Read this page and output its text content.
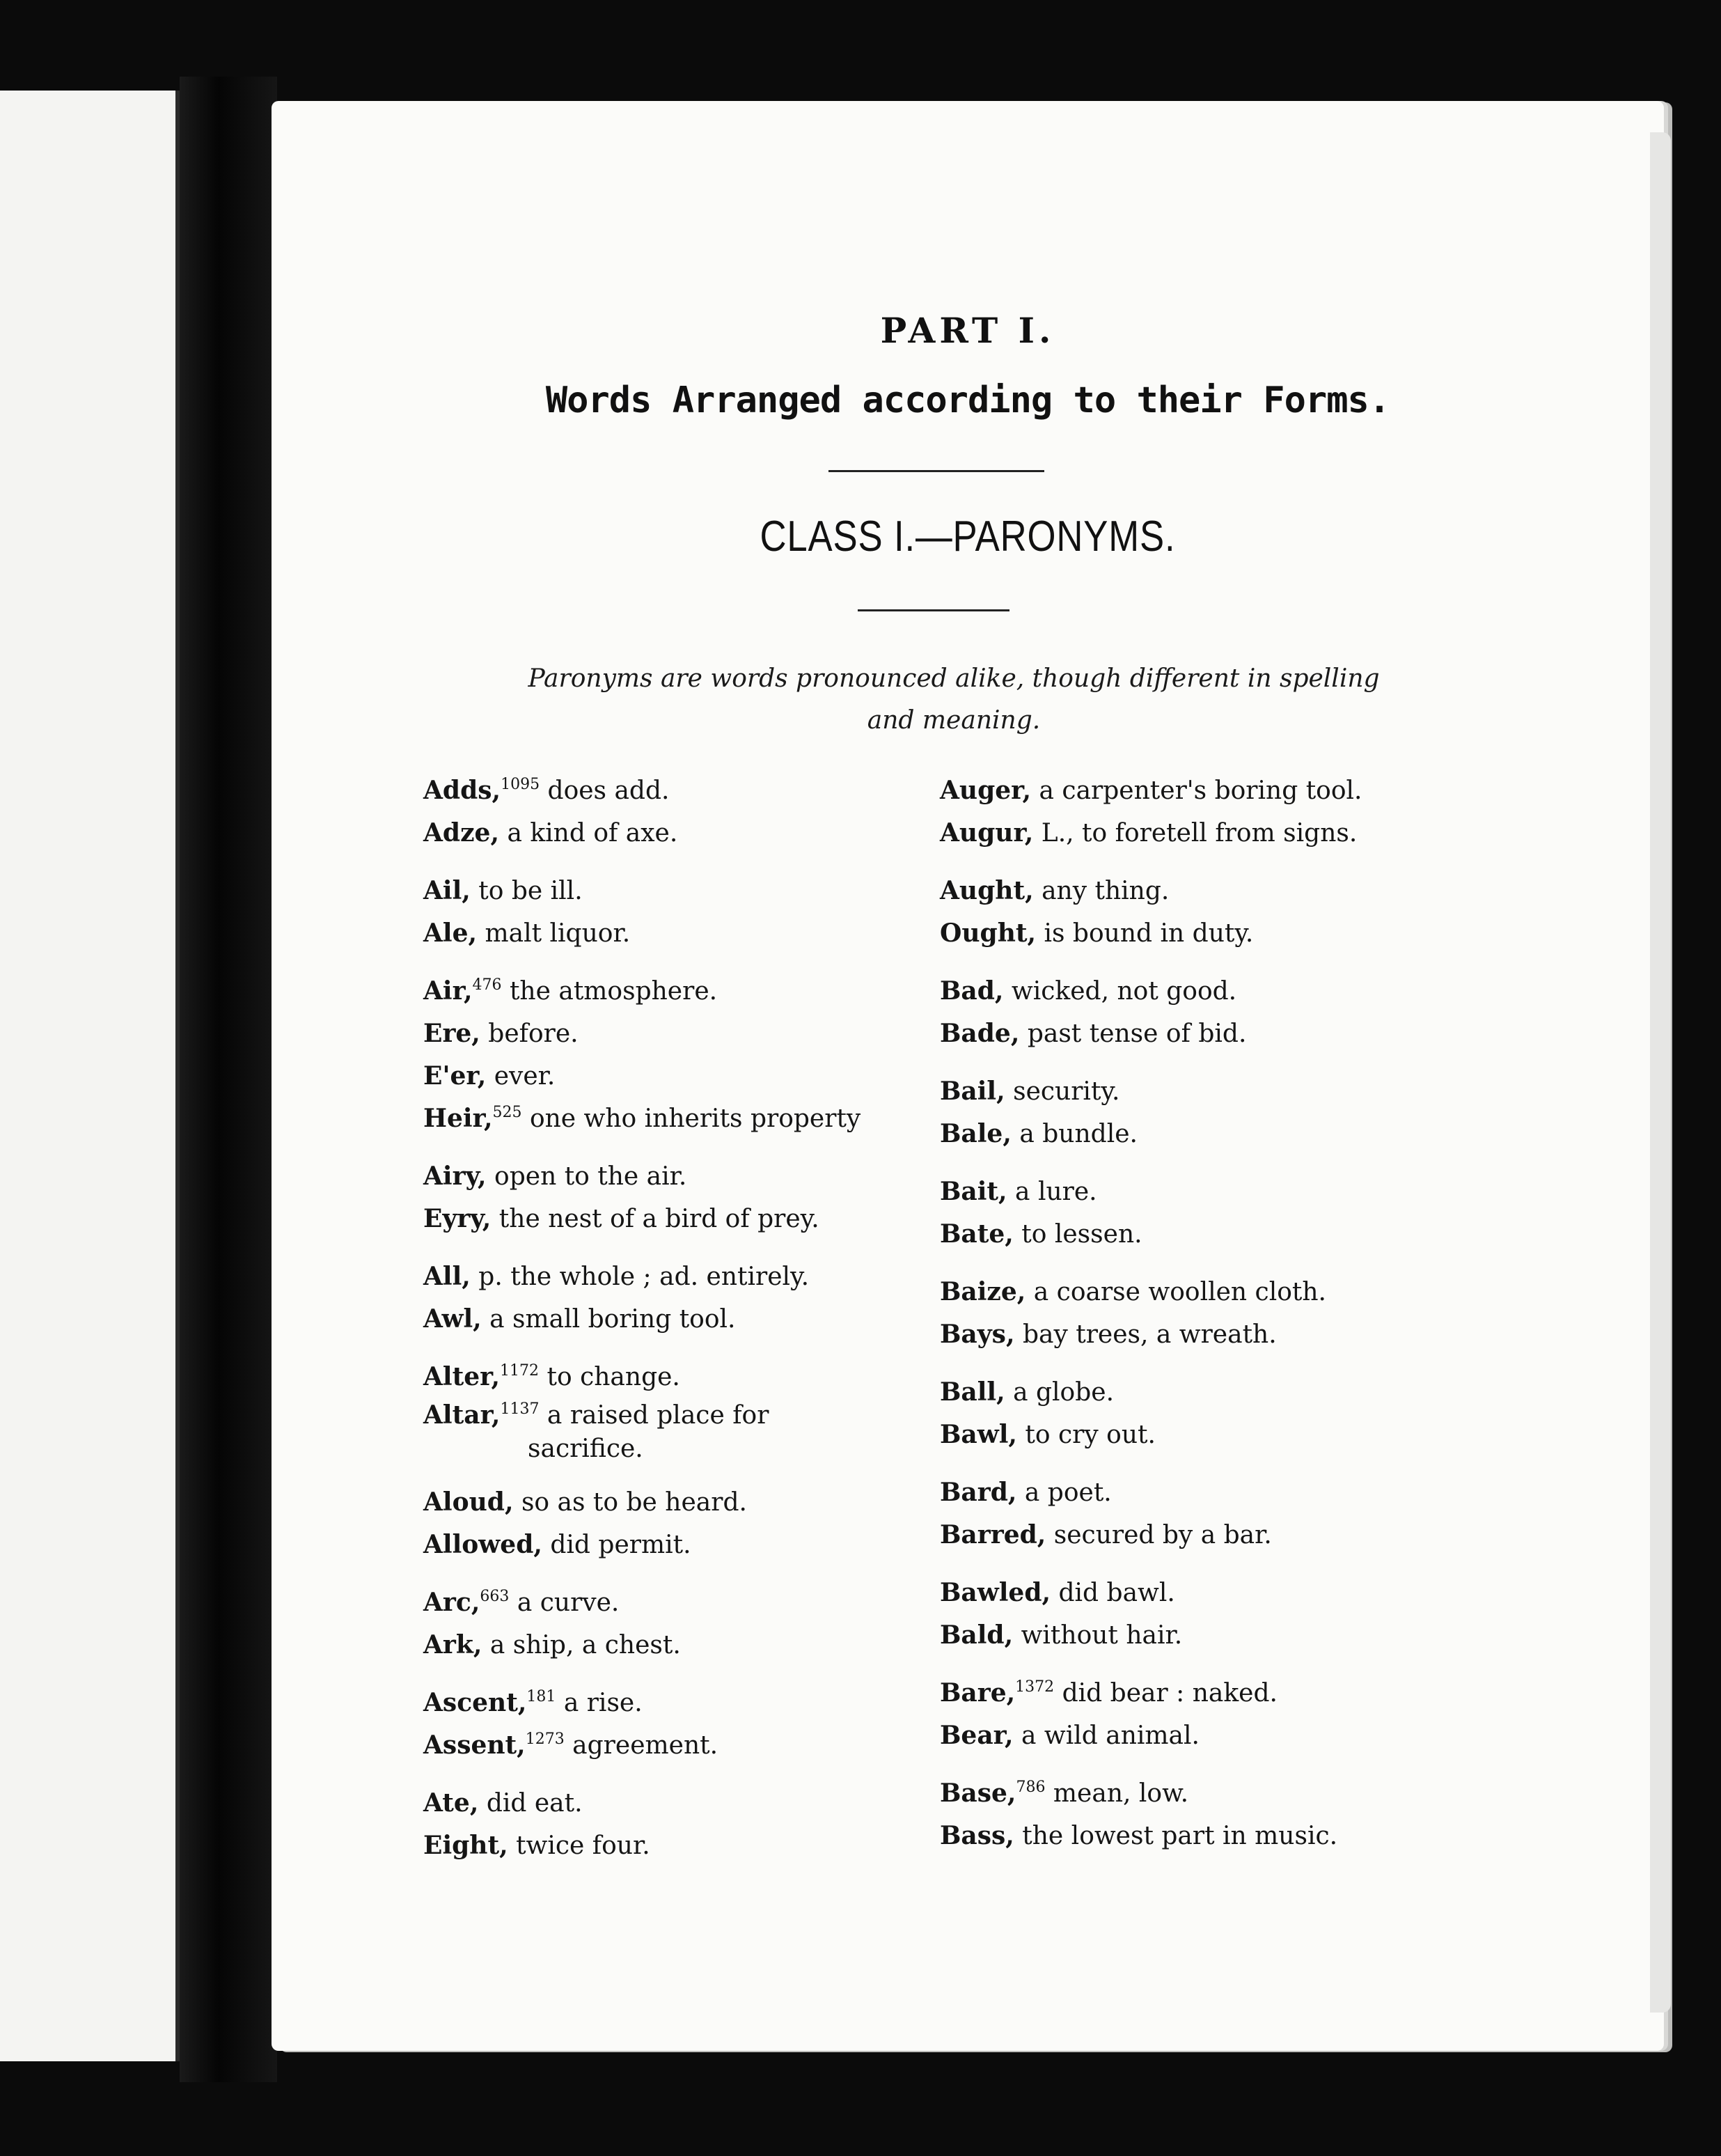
PART I.
Words Arranged according to their Forms.
CLASS I.—PARONYMS.
Paronyms are words pronounced alike, though different in spelling
and meaning.
Adds,$^{1095}$ does add.
Adze, a kind of axe.
Ail, to be ill.
Ale, malt liquor.
Air,$^{476}$ the atmosphere.
Ere, before.
E'er, ever.
Heir,$^{525}$ one who inherits property
Airy, open to the air.
Eyry, the nest of a bird of prey.
All, p. the whole ; ad. entirely.
Awl, a small boring tool.
Alter,$^{1172}$ to change.
Altar,$^{1137}$ a raised place for
sacrifice.
Aloud, so as to be heard.
Allowed, did permit.
Arc,$^{663}$ a curve.
Ark, a ship, a chest.
Ascent,$^{181}$ a rise.
Assent,$^{1273}$ agreement.
Ate, did eat.
Eight, twice four.
Auger, a carpenter's boring tool.
Augur, L., to foretell from signs.
Aught, any thing.
Ought, is bound in duty.
Bad, wicked, not good.
Bade, past tense of bid.
Bail, security.
Bale, a bundle.
Bait, a lure.
Bate, to lessen.
Baize, a coarse woollen cloth.
Bays, bay trees, a wreath.
Ball, a globe.
Bawl, to cry out.
Bard, a poet.
Barred, secured by a bar.
Bawled, did bawl.
Bald, without hair.
Bare,$^{1372}$ did bear : naked.
Bear, a wild animal.
Base,$^{786}$ mean, low.
Bass, the lowest part in music.
